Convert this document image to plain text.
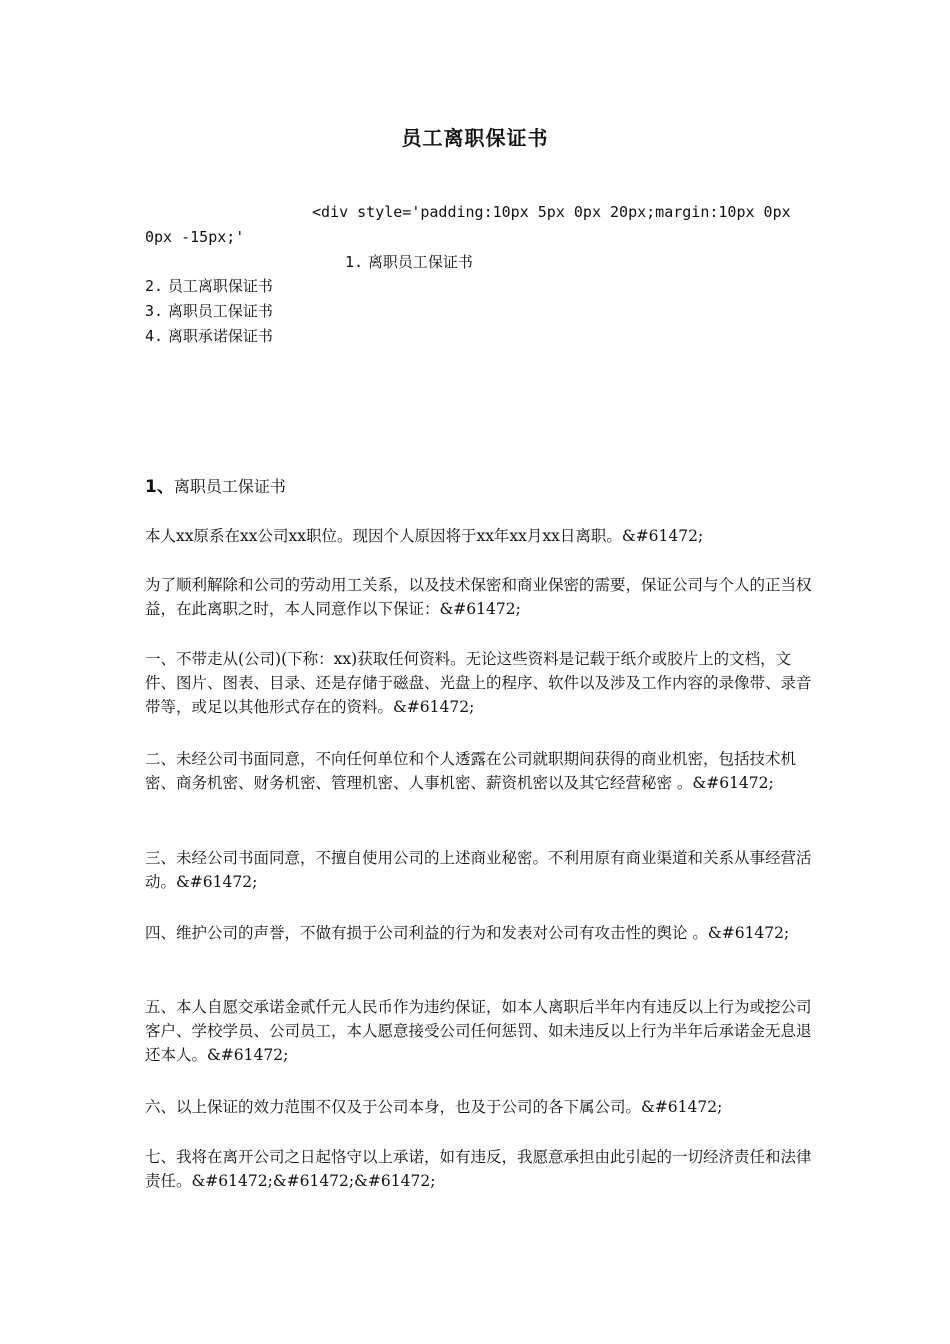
员工离职保证书
<div style='padding:10px 5px 0px 20px;margin:10px 0px
0px -15px;'
1. 离职员工保证书
2. 员工离职保证书
3. 离职员工保证书
4. 离职承诺保证书
1、离职员工保证书

本人xx原系在xx公司xx职位。现因个人原因将于xx年xx月xx日离职。&#61472;

为了顺利解除和公司的劳动用工关系，以及技术保密和商业保密的需要，保证公司与个人的正当权益，在此离职之时，本人同意作以下保证：&#61472;

一、不带走从(公司)(下称：xx)获取任何资料。无论这些资料是记载于纸介或胶片上的文档，文件、图片、图表、目录、还是存储于磁盘、光盘上的程序、软件以及涉及工作内容的录像带、录音带等，或足以其他形式存在的资料。&#61472;

二、未经公司书面同意，不向任何单位和个人透露在公司就职期间获得的商业机密，包括技术机密、商务机密、财务机密、管理机密、人事机密、薪资机密以及其它经营秘密 。&#61472;

三、未经公司书面同意，不擅自使用公司的上述商业秘密。不利用原有商业渠道和关系从事经营活动。&#61472;

四、维护公司的声誉，不做有损于公司利益的行为和发表对公司有攻击性的舆论 。&#61472;

五、本人自愿交承诺金贰仟元人民币作为违约保证，如本人离职后半年内有违反以上行为或挖公司客户、学校学员、公司员工，本人愿意接受公司任何惩罚、如未违反以上行为半年后承诺金无息退还本人。&#61472;

六、以上保证的效力范围不仅及于公司本身，也及于公司的各下属公司。&#61472;

七、我将在离开公司之日起恪守以上承诺，如有违反，我愿意承担由此引起的一切经济责任和法律责任。&#61472;&#61472;&#61472;
